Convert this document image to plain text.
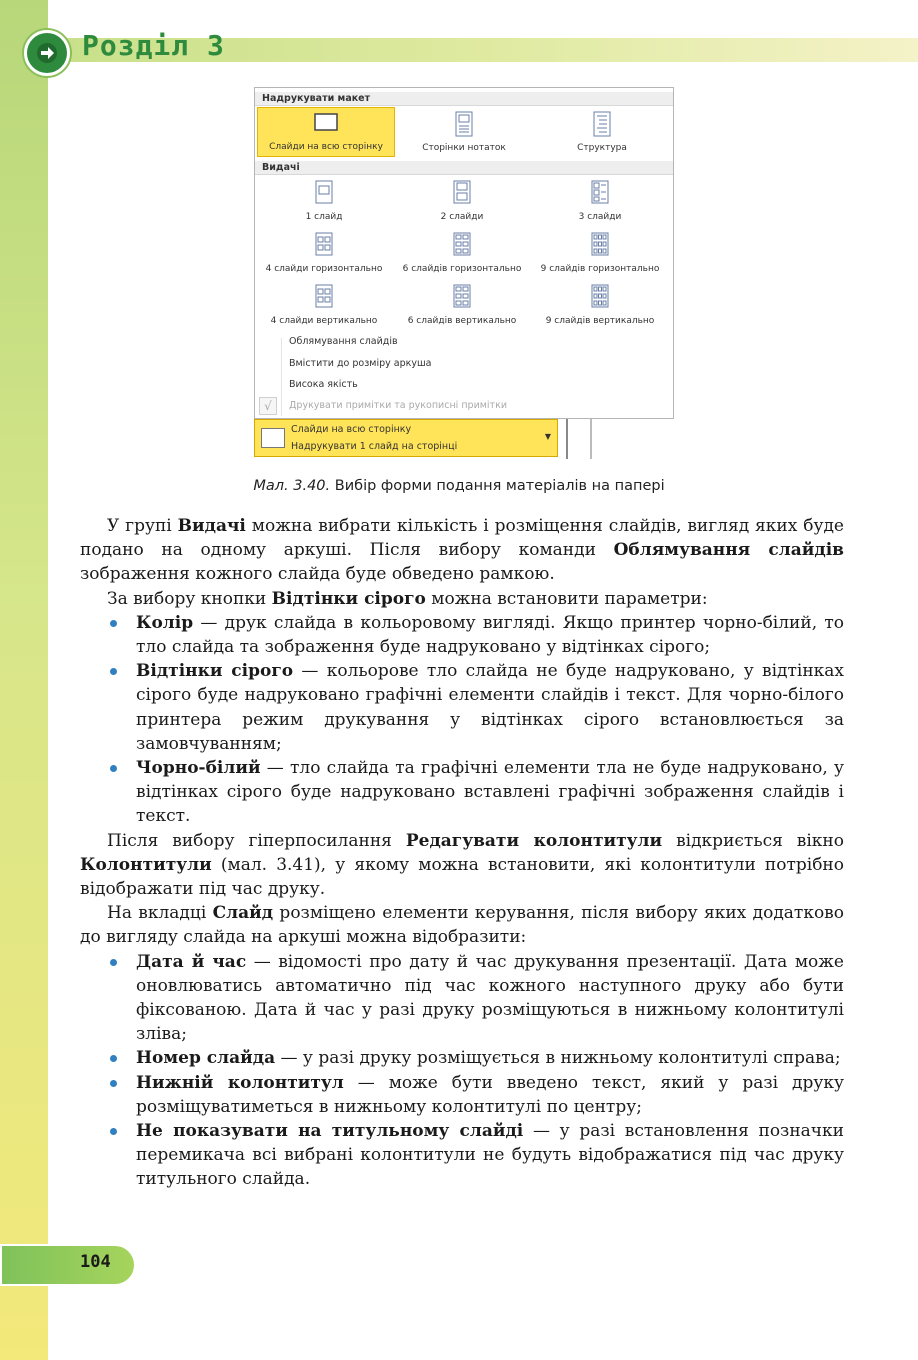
Розділ 3
Надрукувати макет
Слайди на всю сторінку	Сторінки нотаток	Структура
Видачі
1 слайд	2 слайди	3 слайди
4 слайди горизонтально	6 слайдів горизонтально	9 слайдів горизонтально
4 слайди вертикально	6 слайдів вертикально	9 слайдів вертикально
Облямування слайдів
Вмістити до розміру аркуша
Висока якість
√	Друкувати примітки та рукописні примітки
Слайди на всю сторінку
Надрукувати 1 слайд на сторінці
▼
Мал. 3.40. Вибір форми подання матеріалів на папері

У групі Видачі можна вибрати кількість і розміщення слайдів, вигляд яких буде подано на одному аркуші. Після вибору команди Облямування слайдів зображення кожного слайда буде обведено рамкою.

За вибору кнопки Відтінки сірого можна встановити параметри:

Колір — друк слайда в кольоровому вигляді. Якщо принтер чорно-білий, то тло слайда та зображення буде надруковано у відтінках сірого;
Відтінки сірого — кольорове тло слайда не буде надруковано, у відтінках сірого буде надруковано графічні елементи слайдів і текст. Для чорно-білого принтера режим друкування у відтінках сірого встановлюється за замовчуванням;
Чорно-білий — тло слайда та графічні елементи тла не буде надруковано, у відтінках сірого буде надруковано вставлені графічні зображення слайдів і текст.

Після вибору гіперпосилання Редагувати колонтитули відкриється вікно Колонтитули (мал. 3.41), у якому можна встановити, які колонтитули потрібно відображати під час друку.

На вкладці Слайд розміщено елементи керування, після вибору яких додатково до вигляду слайда на аркуші можна відобразити:

Дата й час — відомості про дату й час друкування презентації. Дата може оновлюватись автоматично під час кожного наступного друку або бути фіксованою. Дата й час у разі друку розміщуються в нижньому колонтитулі зліва;
Номер слайда — у разі друку розміщується в нижньому колонтитулі справа;
Нижній колонтитул — може бути введено текст, який у разі друку розміщуватиметься в нижньому колонтитулі по центру;
Не показувати на титульному слайді — у разі встановлення позначки перемикача всі вибрані колонтитули не будуть відображатися під час друку титульного слайда.
104
